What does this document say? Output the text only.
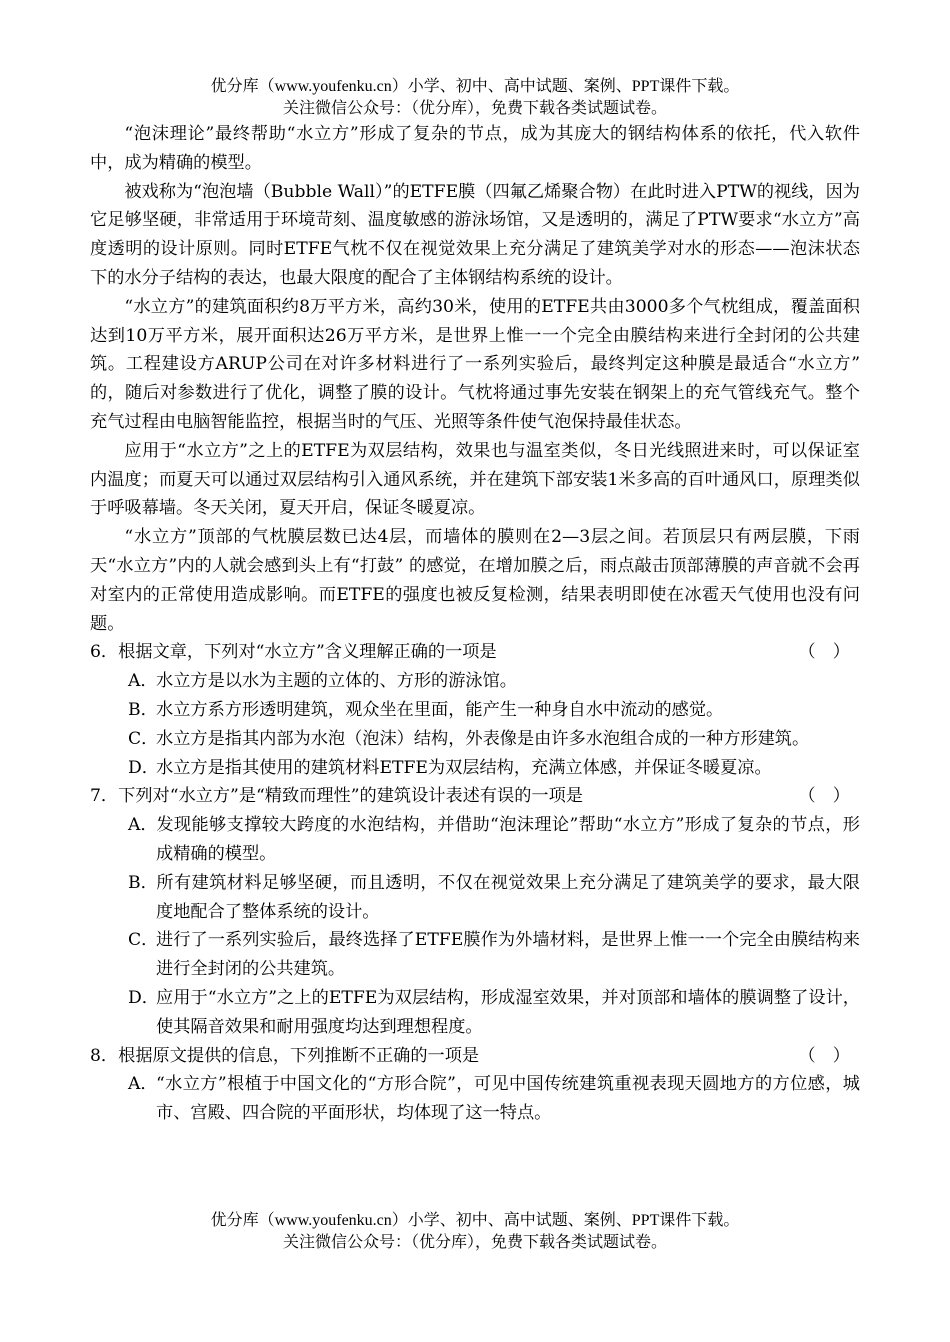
优分库（www.youfenku.cn）小学、初中、高中试题、案例、PPT课件下载。
关注微信公众号：（优分库），免费下载各类试题试卷。

“泡沫理论”最终帮助“水立方”形成了复杂的节点，成为其庞大的钢结构体系的依托，代入软件中，成为精确的模型。

被戏称为“泡泡墙（Bubble Wall）”的ETFE膜（四氟乙烯聚合物）在此时进入PTW的视线，因为它足够坚硬，非常适用于环境苛刻、温度敏感的游泳场馆，又是透明的，满足了PTW要求“水立方”高度透明的设计原则。同时ETFE气枕不仅在视觉效果上充分满足了建筑美学对水的形态——泡沫状态下的水分子结构的表达，也最大限度的配合了主体钢结构系统的设计。

“水立方”的建筑面积约8万平方米，高约30米，使用的ETFE共由3000多个气枕组成，覆盖面积达到10万平方米，展开面积达26万平方米，是世界上惟一一个完全由膜结构来进行全封闭的公共建筑。工程建设方ARUP公司在对许多材料进行了一系列实验后，最终判定这种膜是最适合“水立方” 的，随后对参数进行了优化，调整了膜的设计。气枕将通过事先安装在钢架上的充气管线充气。整个充气过程由电脑智能监控，根据当时的气压、光照等条件使气泡保持最佳状态。

应用于“水立方”之上的ETFE为双层结构，效果也与温室类似，冬日光线照进来时，可以保证室内温度；而夏天可以通过双层结构引入通风系统，并在建筑下部安装1米多高的百叶通风口，原理类似于呼吸幕墙。冬天关闭，夏天开启，保证冬暖夏凉。

“水立方”顶部的气枕膜层数已达4层，而墙体的膜则在2—3层之间。若顶层只有两层膜，下雨天“水立方”内的人就会感到头上有“打鼓” 的感觉，在增加膜之后，雨点敲击顶部薄膜的声音就不会再对室内的正常使用造成影响。而ETFE的强度也被反复检测，结果表明即使在冰雹天气使用也没有问题。

6．根据文章，下列对“水立方”含义理解正确的一项是	（　）

A．水立方是以水为主题的立体的、方形的游泳馆。

B．水立方系方形透明建筑，观众坐在里面，能产生一种身自水中流动的感觉。

C．水立方是指其内部为水泡（泡沫）结构，外表像是由许多水泡组合成的一种方形建筑。

D．水立方是指其使用的建筑材料ETFE为双层结构，充满立体感，并保证冬暖夏凉。

7．下列对“水立方”是“精致而理性”的建筑设计表述有误的一项是	（　）

A．发现能够支撑较大跨度的水泡结构，并借助“泡沫理论”帮助“水立方”形成了复杂的节点，形成精确的模型。

B．所有建筑材料足够坚硬，而且透明，不仅在视觉效果上充分满足了建筑美学的要求，最大限度地配合了整体系统的设计。

C．进行了一系列实验后，最终选择了ETFE膜作为外墙材料，是世界上惟一一个完全由膜结构来进行全封闭的公共建筑。

D．应用于“水立方”之上的ETFE为双层结构，形成湿室效果，并对顶部和墙体的膜调整了设计，使其隔音效果和耐用强度均达到理想程度。

8．根据原文提供的信息，下列推断不正确的一项是	（　）

A．“水立方”根植于中国文化的“方形合院”，可见中国传统建筑重视表现天圆地方的方位感，城市、宫殿、四合院的平面形状，均体现了这一特点。

优分库（www.youfenku.cn）小学、初中、高中试题、案例、PPT课件下载。
关注微信公众号：（优分库），免费下载各类试题试卷。
